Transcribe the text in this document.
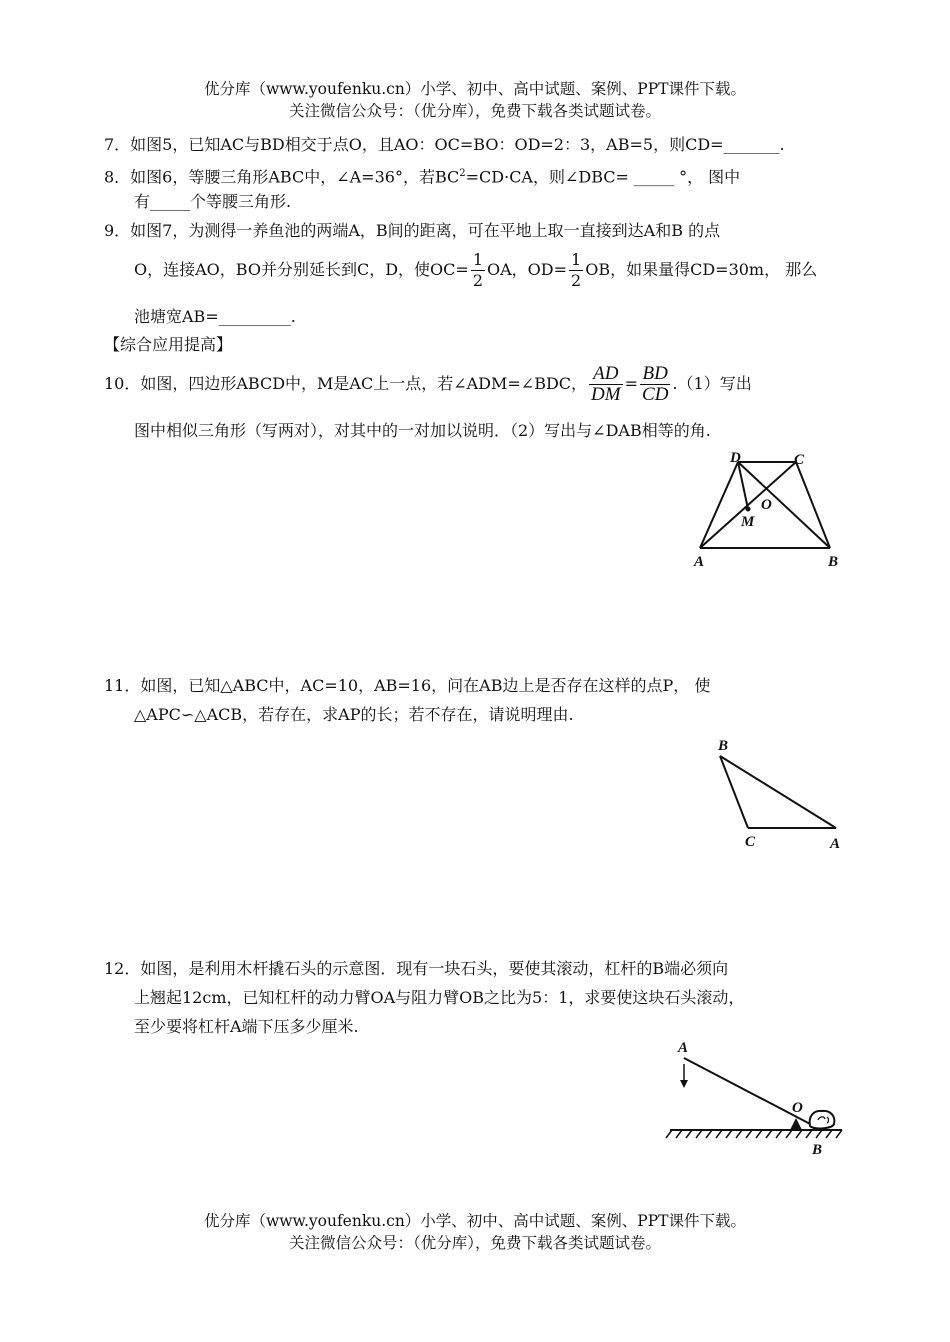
优分库（www.youfenku.cn）小学、初中、高中试题、案例、PPT课件下载。
关注微信公众号：（优分库），免费下载各类试题试卷。
7．如图5，已知AC与BD相交于点O，且AO：OC=BO：OD=2：3，AB=5，则CD=_______.
8．如图6，等腰三角形ABC中，∠A=36°，若$BC^2=CD\cdot CA$，则∠DBC= _____ °， 图中
有_____个等腰三角形.
9．如图7，为测得一养鱼池的两端A，B间的距离，可在平地上取一直接到达A和B 的点
O，连接AO，BO并分别延长到C，D，使$OC= \frac{1}{2}$ OA，$OD= \frac{1}{2}$ OB，如果量得CD=30m， 那么
池塘宽AB=_________.
【综合应用提高】
10．如图，四边形ABCD中，M是AC上一点，若∠ADM=∠BDC， $\frac{AD}{DM} = \frac{BD}{CD} .(1)$写出
图中相似三角形（写两对），对其中的一对加以说明．（2）写出与∠DAB相等的角.
D	C
O
M
A	B
11．如图，已知△ABC中，AC=10，AB=16，问在AB边上是否存在这样的点P， 使
△APC∽△ACB，若存在，求AP的长；若不存在，请说明理由.
B
C	A
12．如图，是利用木杆撬石头的示意图．现有一块石头，要使其滚动，杠杆的B端必须向
上翘起12cm，已知杠杆的动力臂OA与阻力臂OB之比为5：1，求要使这块石头滚动，
至少要将杠杆A端下压多少厘米.
A
O
B
优分库（www.youfenku.cn）小学、初中、高中试题、案例、PPT课件下载。
关注微信公众号：（优分库），免费下载各类试题试卷。
